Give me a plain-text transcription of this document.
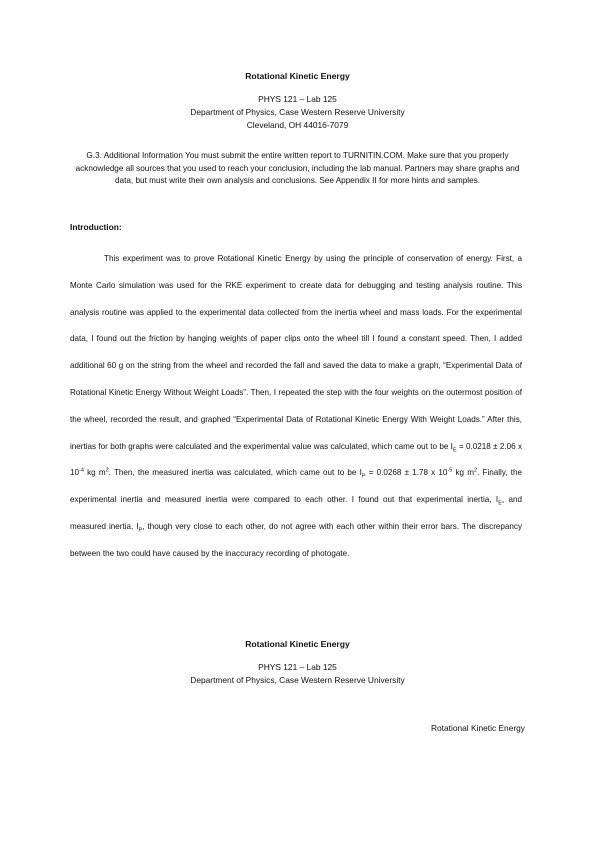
Rotational Kinetic Energy
PHYS 121 – Lab 125
Department of Physics, Case Western Reserve University
Cleveland, OH 44016-7079
G.3. Additional Information You must submit the entire written report to TURNITIN.COM. Make sure that you properly acknowledge all sources that you used to reach your conclusion, including the lab manual. Partners may share graphs and data, but must write their own analysis and conclusions. See Appendix II for more hints and samples.
Introduction:

This experiment was to prove Rotational Kinetic Energy by using the principle of conservation of energy. First, a Monte Carlo simulation was used for the RKE experiment to create data for debugging and testing analysis routine. This analysis routine was applied to the experimental data collected from the inertia wheel and mass loads. For the experimental data, I found out the friction by hanging weights of paper clips onto the wheel till I found a constant speed. Then, I added additional 60 g on the string from the wheel and recorded the fall and saved the data to make a graph, “Experimental Data of Rotational Kinetic Energy Without Weight Loads”. Then, I repeated the step with the four weights on the outermost position of the wheel, recorded the result, and graphed “Experimental Data of Rotational Kinetic Energy With Weight Loads.” After this, inertias for both graphs were calculated and the experimental value was calculated, which came out to be $I_E = 0.0218 \pm 2.06$ x $10^{-4}$ kg $m^2$. Then, the measured inertia was calculated, which came out to be $I_P = 0.0268 \pm 1.78$ x $10^{-5}$ kg $m^2$. Finally, the experimental inertia and measured inertia were compared to each other. I found out that experimental inertia, $I_E$, and measured inertia, $I_P$, though very close to each other, do not agree with each other within their error bars. The discrepancy between the two could have caused by the inaccuracy recording of photogate.

Rotational Kinetic Energy
PHYS 121 – Lab 125
Department of Physics, Case Western Reserve University
Rotational Kinetic Energy
